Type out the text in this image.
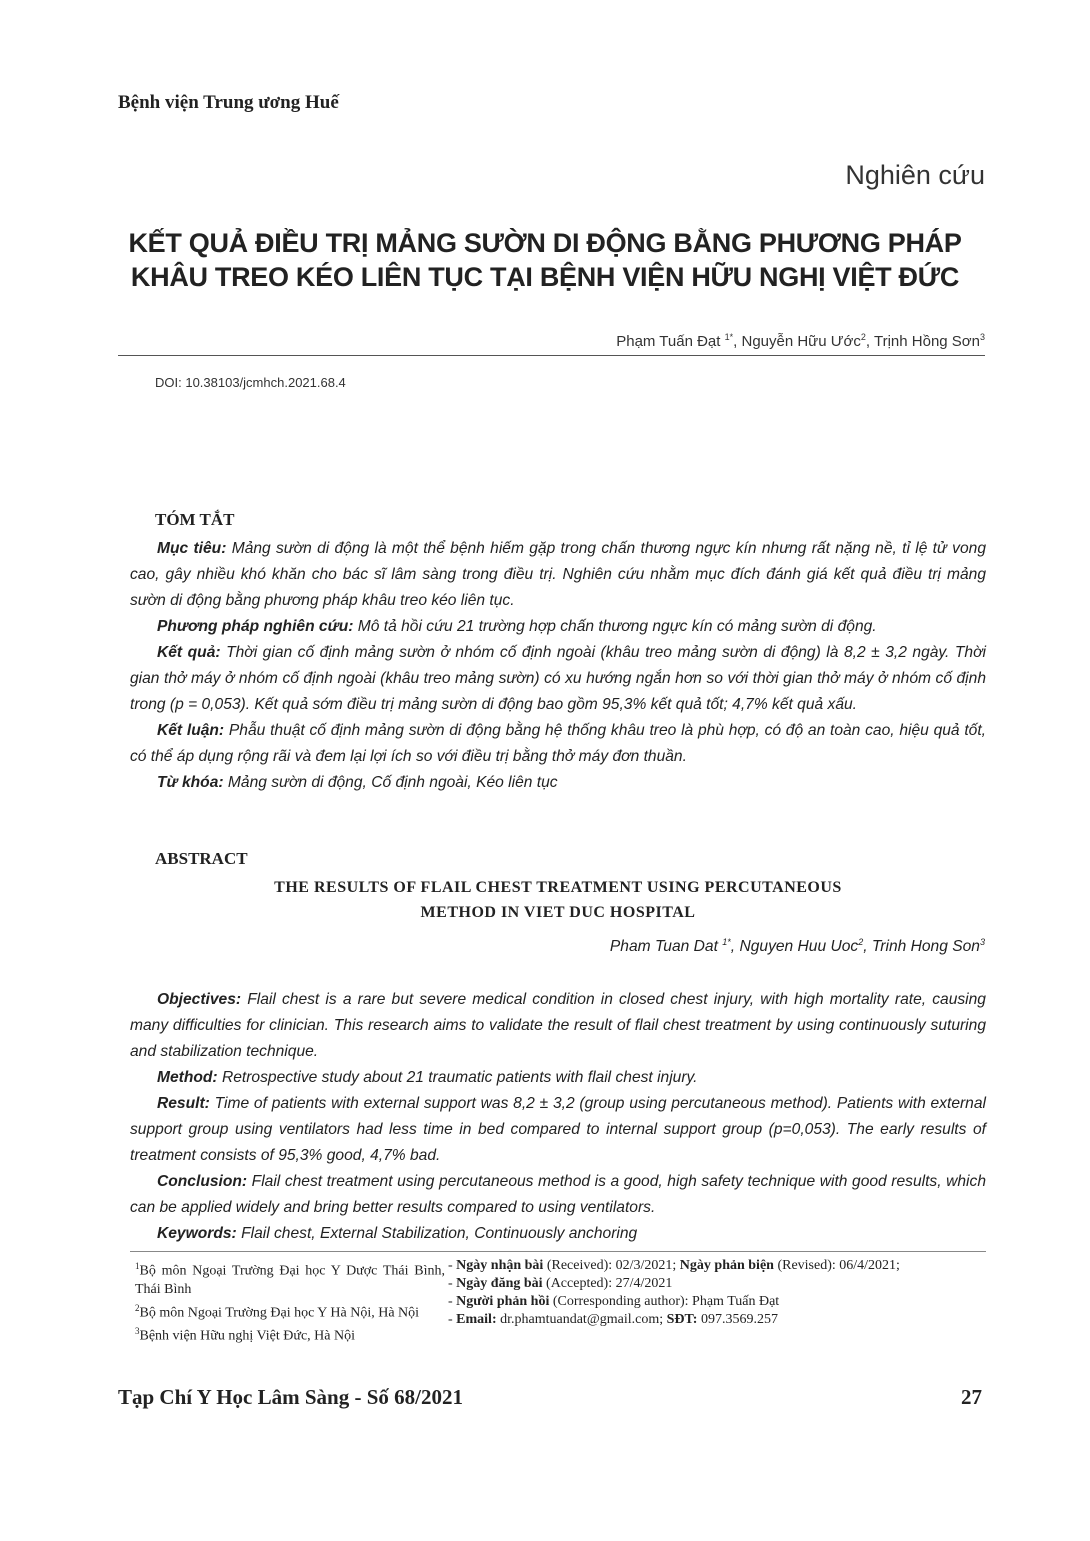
Bệnh viện Trung ương Huế
Nghiên cứu
KẾT QUẢ ĐIỀU TRỊ MẢNG SƯỜN DI ĐỘNG BẰNG PHƯƠNG PHÁP
KHÂU TREO KÉO LIÊN TỤC TẠI BỆNH VIỆN HỮU NGHỊ VIỆT ĐỨC
Phạm Tuấn Đạt $^{1*}$, Nguyễn Hữu Ước$^2$, Trịnh Hồng Sơn$^3$
DOI: 10.38103/jcmhch.2021.68.4
TÓM TẮT

Mục tiêu: Mảng sườn di động là một thể bệnh hiếm gặp trong chấn thương ngực kín nhưng rất nặng nề, tỉ lệ tử vong cao, gây nhiều khó khăn cho bác sĩ lâm sàng trong điều trị. Nghiên cứu nhằm mục đích đánh giá kết quả điều trị mảng sườn di động bằng phương pháp khâu treo kéo liên tục.

Phương pháp nghiên cứu: Mô tả hồi cứu 21 trường hợp chấn thương ngực kín có mảng sườn di động.

Kết quả: Thời gian cố định mảng sườn ở nhóm cố định ngoài (khâu treo mảng sườn di động) là 8,2 ± 3,2 ngày. Thời gian thở máy ở nhóm cố định ngoài (khâu treo mảng sườn) có xu hướng ngắn hơn so với thời gian thở máy ở nhóm cố định trong (p = 0,053). Kết quả sớm điều trị mảng sườn di động bao gồm 95,3% kết quả tốt; 4,7% kết quả xấu.

Kết luận: Phẫu thuật cố định mảng sườn di động bằng hệ thống khâu treo là phù hợp, có độ an toàn cao, hiệu quả tốt, có thể áp dụng rộng rãi và đem lại lợi ích so với điều trị bằng thở máy đơn thuần.

Từ khóa: Mảng sườn di động, Cố định ngoài, Kéo liên tục

ABSTRACT
THE RESULTS OF FLAIL CHEST TREATMENT USING PERCUTANEOUS
METHOD IN VIET DUC HOSPITAL
Pham Tuan Dat $^{1*}$, Nguyen Huu Uoc$^2$, Trinh Hong Son$^3$

Objectives: Flail chest is a rare but severe medical condition in closed chest injury, with high mortality rate, causing many difficulties for clinician. This research aims to validate the result of flail chest treatment by using continuously suturing and stabilization technique.

Method: Retrospective study about 21 traumatic patients with flail chest injury.

Result: Time of patients with external support was 8,2 ± 3,2 (group using percutaneous method). Patients with external support group using ventilators had less time in bed compared to internal support group (p=0,053). The early results of treatment consists of 95,3% good, 4,7% bad.

Conclusion: Flail chest treatment using percutaneous method is a good, high safety technique with good results, which can be applied widely and bring better results compared to using ventilators.

Keywords: Flail chest, External Stabilization, Continuously anchoring

$^1$Bộ môn Ngoại Trường Đại học Y Dược Thái Bình, Thái Bình
$^2$Bộ môn Ngoại Trường Đại học Y Hà Nội, Hà Nội
$^3$Bệnh viện Hữu nghị Việt Đức, Hà Nội
- Ngày nhận bài (Received): 02/3/2021; Ngày phản biện (Revised): 06/4/2021;
- Ngày đăng bài (Accepted): 27/4/2021
- Người phản hồi (Corresponding author): Phạm Tuấn Đạt
- Email: dr.phamtuandat@gmail.com; SĐT: 097.3569.257
Tạp Chí Y Học Lâm Sàng - Số 68/2021	27
